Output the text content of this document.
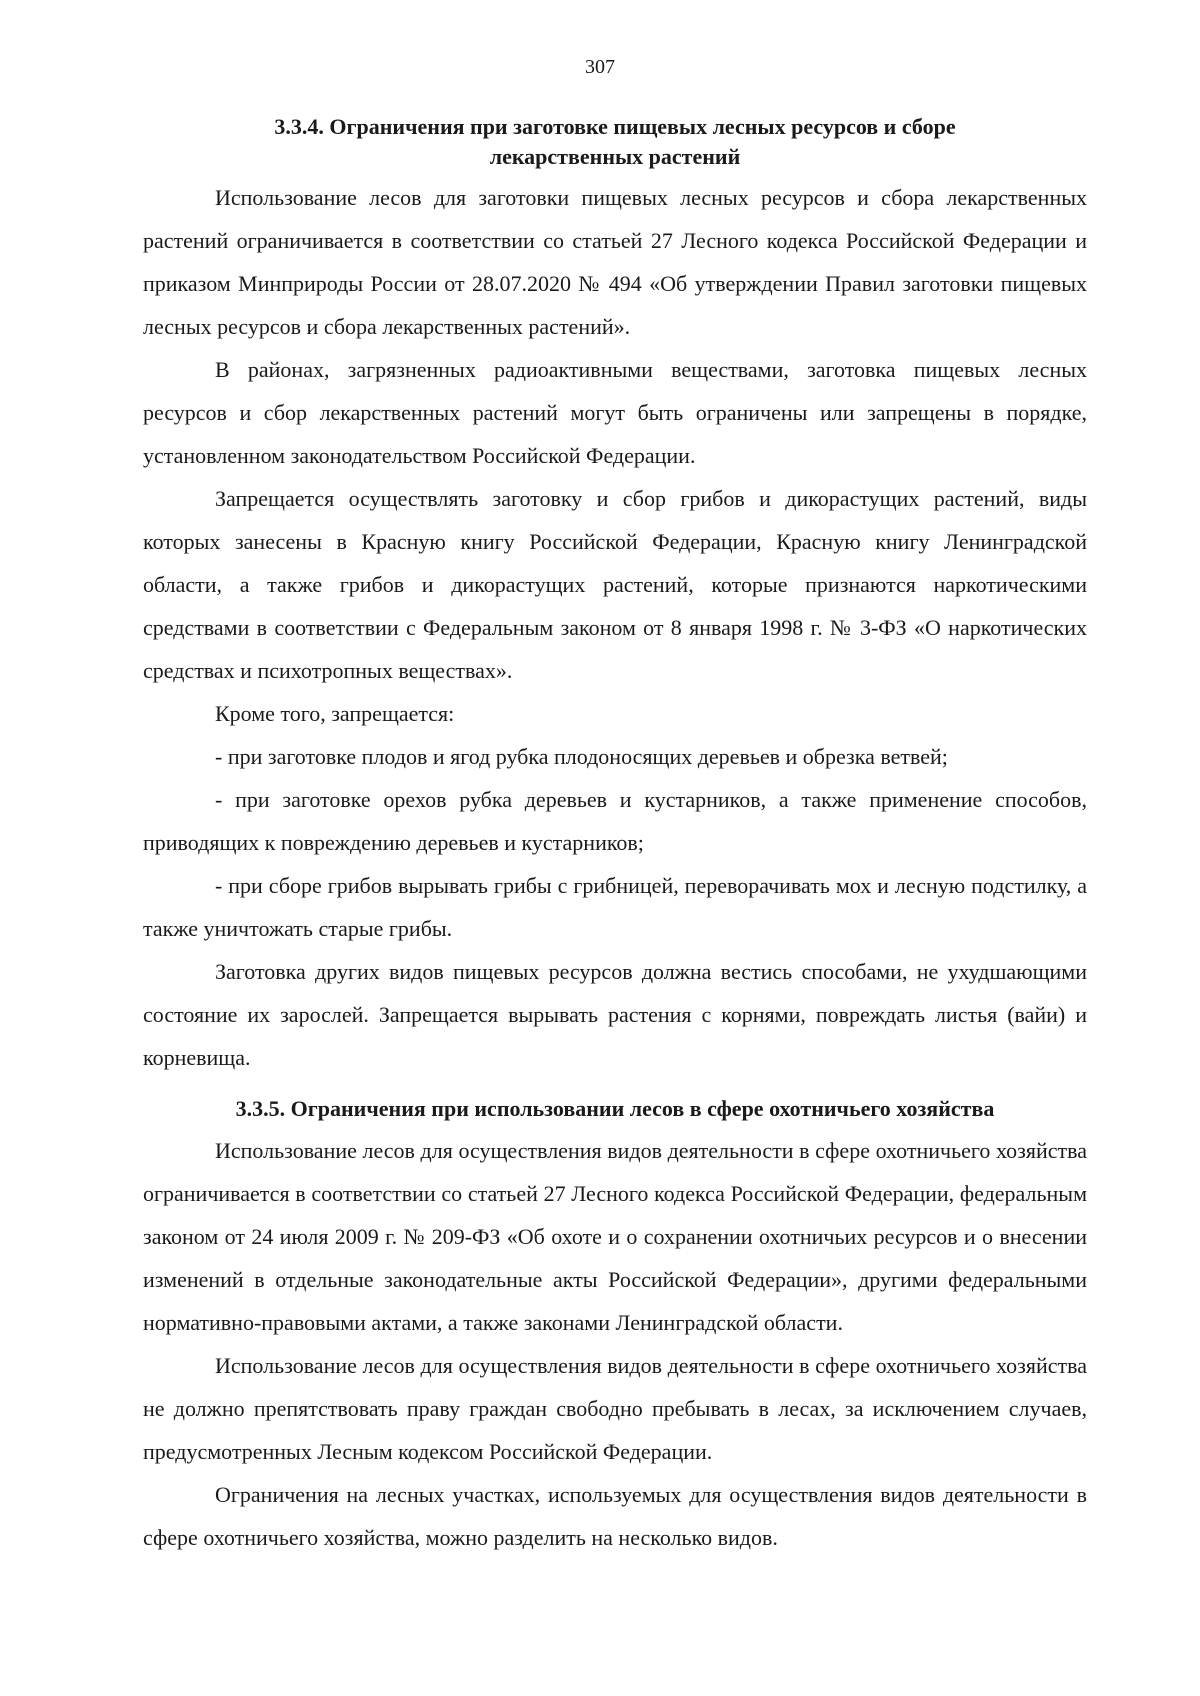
307
3.3.4. Ограничения при заготовке пищевых лесных ресурсов и сборе
лекарственных растений

Использование лесов для заготовки пищевых лесных ресурсов и сбора лекарственных растений ограничивается в соответствии со статьей 27 Лесного кодекса Российской Федерации и приказом Минприроды России от 28.07.2020 № 494 «Об утверждении Правил заготовки пищевых лесных ресурсов и сбора лекарственных растений».

В районах, загрязненных радиоактивными веществами, заготовка пищевых лесных ресурсов и сбор лекарственных растений могут быть ограничены или запрещены в порядке, установленном законодательством Российской Федерации.

Запрещается осуществлять заготовку и сбор грибов и дикорастущих растений, виды которых занесены в Красную книгу Российской Федерации, Красную книгу Ленинградской области, а также грибов и дикорастущих растений, которые признаются наркотическими средствами в соответствии с Федеральным законом от 8 января 1998 г. № 3-ФЗ «О наркотических средствах и психотропных веществах».

Кроме того, запрещается:

- при заготовке плодов и ягод рубка плодоносящих деревьев и обрезка ветвей;

- при заготовке орехов рубка деревьев и кустарников, а также применение способов, приводящих к повреждению деревьев и кустарников;

- при сборе грибов вырывать грибы с грибницей, переворачивать мох и лесную подстилку, а также уничтожать старые грибы.

Заготовка других видов пищевых ресурсов должна вестись способами, не ухудшающими состояние их зарослей. Запрещается вырывать растения с корнями, повреждать листья (вайи) и корневища.

3.3.5. Ограничения при использовании лесов в сфере охотничьего хозяйства

Использование лесов для осуществления видов деятельности в сфере охотничьего хозяйства ограничивается в соответствии со статьей 27 Лесного кодекса Российской Федерации, федеральным законом от 24 июля 2009 г. № 209-ФЗ «Об охоте и о сохранении охотничьих ресурсов и о внесении изменений в отдельные законодательные акты Российской Федерации», другими федеральными нормативно-правовыми актами, а также законами Ленинградской области.

Использование лесов для осуществления видов деятельности в сфере охотничьего хозяйства не должно препятствовать праву граждан свободно пребывать в лесах, за исключением случаев, предусмотренных Лесным кодексом Российской Федерации.

Ограничения на лесных участках, используемых для осуществления видов деятельности в сфере охотничьего хозяйства, можно разделить на несколько видов.
